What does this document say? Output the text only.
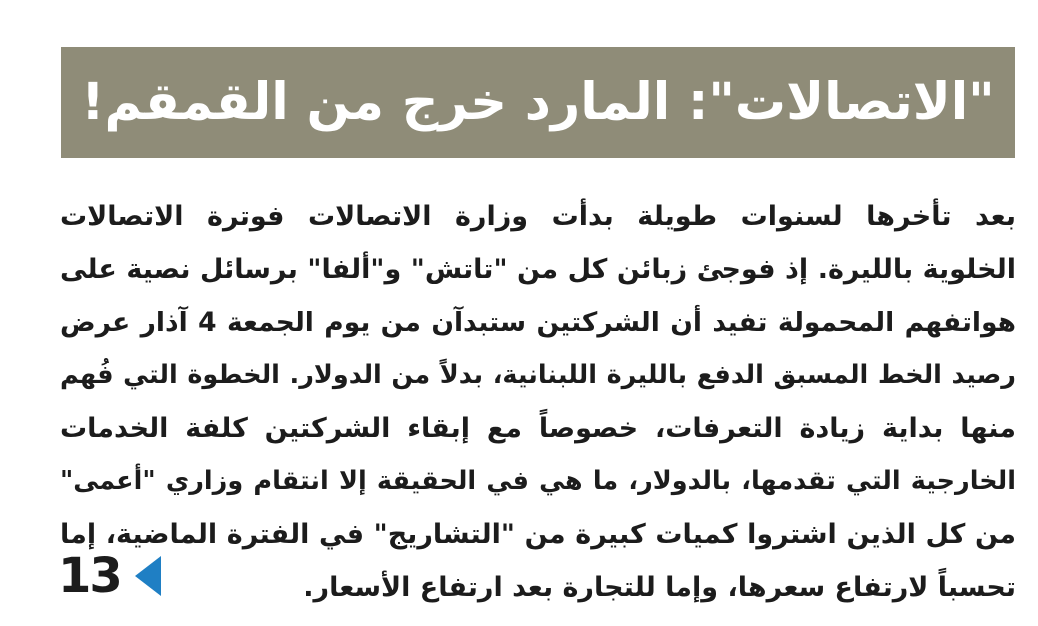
"الاتصالات": المارد خرج من القمقم!
بعد تأخرها لسنوات طويلة بدأت وزارة الاتصالات فوترة الاتصالات
الخلوية بالليرة. إذ فوجئ زبائن كل من "تاتش" و"ألفا" برسائل نصية على
هواتفهم المحمولة تفيد أن الشركتين ستبدآن من يوم الجمعة 4 آذار عرض
رصيد الخط المسبق الدفع بالليرة اللبنانية، بدلاً من الدولار. الخطوة التي فُهم
منها بداية زيادة التعرفات، خصوصاً مع إبقاء الشركتين كلفة الخدمات
الخارجية التي تقدمها، بالدولار، ما هي في الحقيقة إلا انتقام وزاري "أعمى"
من كل الذين اشتروا كميات كبيرة من "التشاريج" في الفترة الماضية، إما
تحسباً لارتفاع سعرها، وإما للتجارة بعد ارتفاع الأسعار.
13
